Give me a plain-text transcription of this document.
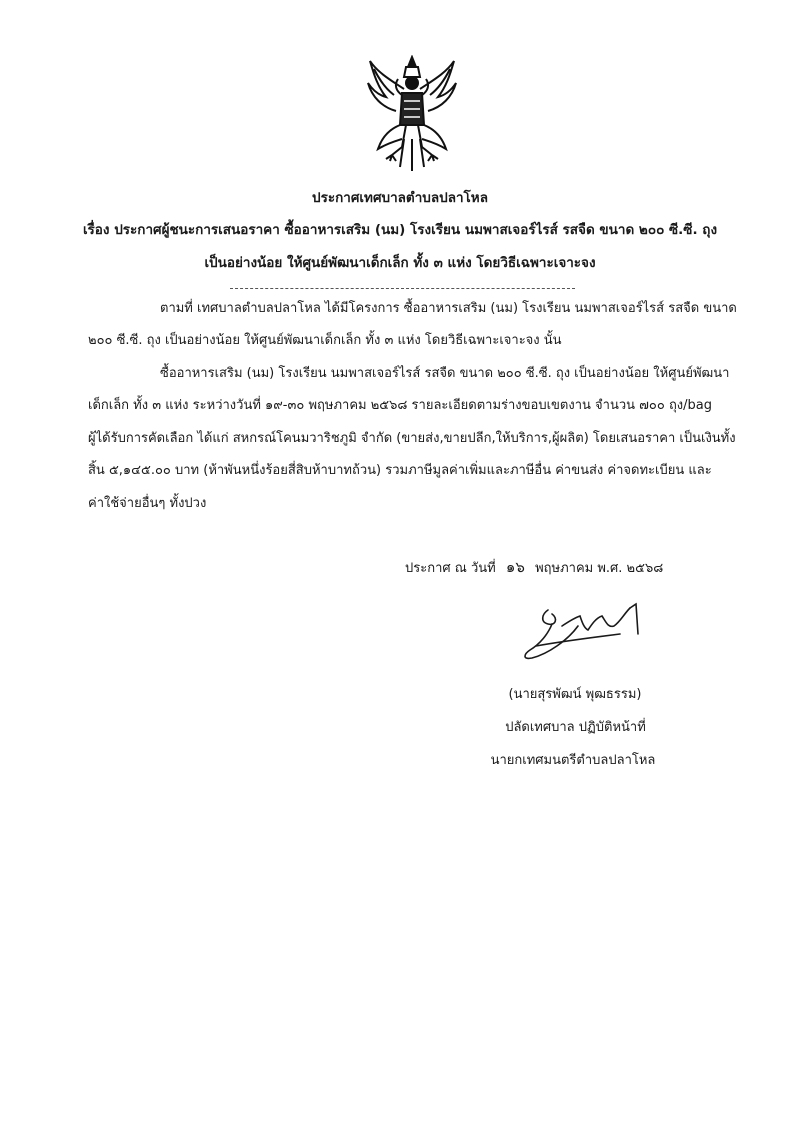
ประกาศเทศบาลตำบลปลาโหล
เรื่อง ประกาศผู้ชนะการเสนอราคา ซื้ออาหารเสริม (นม) โรงเรียน นมพาสเจอร์ไรส์ รสจืด ขนาด ๒๐๐ ซี.ซี. ถุง
เป็นอย่างน้อย ให้ศูนย์พัฒนาเด็กเล็ก ทั้ง ๓ แห่ง โดยวิธีเฉพาะเจาะจง
ตามที่ เทศบาลตำบลปลาโหล ได้มีโครงการ ซื้ออาหารเสริม (นม) โรงเรียน นมพาสเจอร์ไรส์ รสจืด ขนาด
๒๐๐ ซี.ซี. ถุง เป็นอย่างน้อย ให้ศูนย์พัฒนาเด็กเล็ก ทั้ง ๓ แห่ง โดยวิธีเฉพาะเจาะจง นั้น
ซื้ออาหารเสริม (นม) โรงเรียน นมพาสเจอร์ไรส์ รสจืด ขนาด ๒๐๐ ซี.ซี. ถุง เป็นอย่างน้อย ให้ศูนย์พัฒนา
เด็กเล็ก ทั้ง ๓ แห่ง ระหว่างวันที่ ๑๙-๓๐ พฤษภาคม ๒๕๖๘ รายละเอียดตามร่างขอบเขตงาน จำนวน ๗๐๐ ถุง/bag
ผู้ได้รับการคัดเลือก ได้แก่ สหกรณ์โคนมวาริชภูมิ จำกัด (ขายส่ง,ขายปลีก,ให้บริการ,ผู้ผลิต) โดยเสนอราคา เป็นเงินทั้ง
สิ้น ๕,๑๔๕.๐๐ บาท (ห้าพันหนึ่งร้อยสี่สิบห้าบาทถ้วน) รวมภาษีมูลค่าเพิ่มและภาษีอื่น ค่าขนส่ง ค่าจดทะเบียน และ
ค่าใช้จ่ายอื่นๆ ทั้งปวง
ประกาศ ณ วันที่ ๑๖ พฤษภาคม พ.ศ. ๒๕๖๘
(นายสุรพัฒน์ พุฒธรรม)
ปลัดเทศบาล ปฏิบัติหน้าที่
นายกเทศมนตรีตำบลปลาโหล
